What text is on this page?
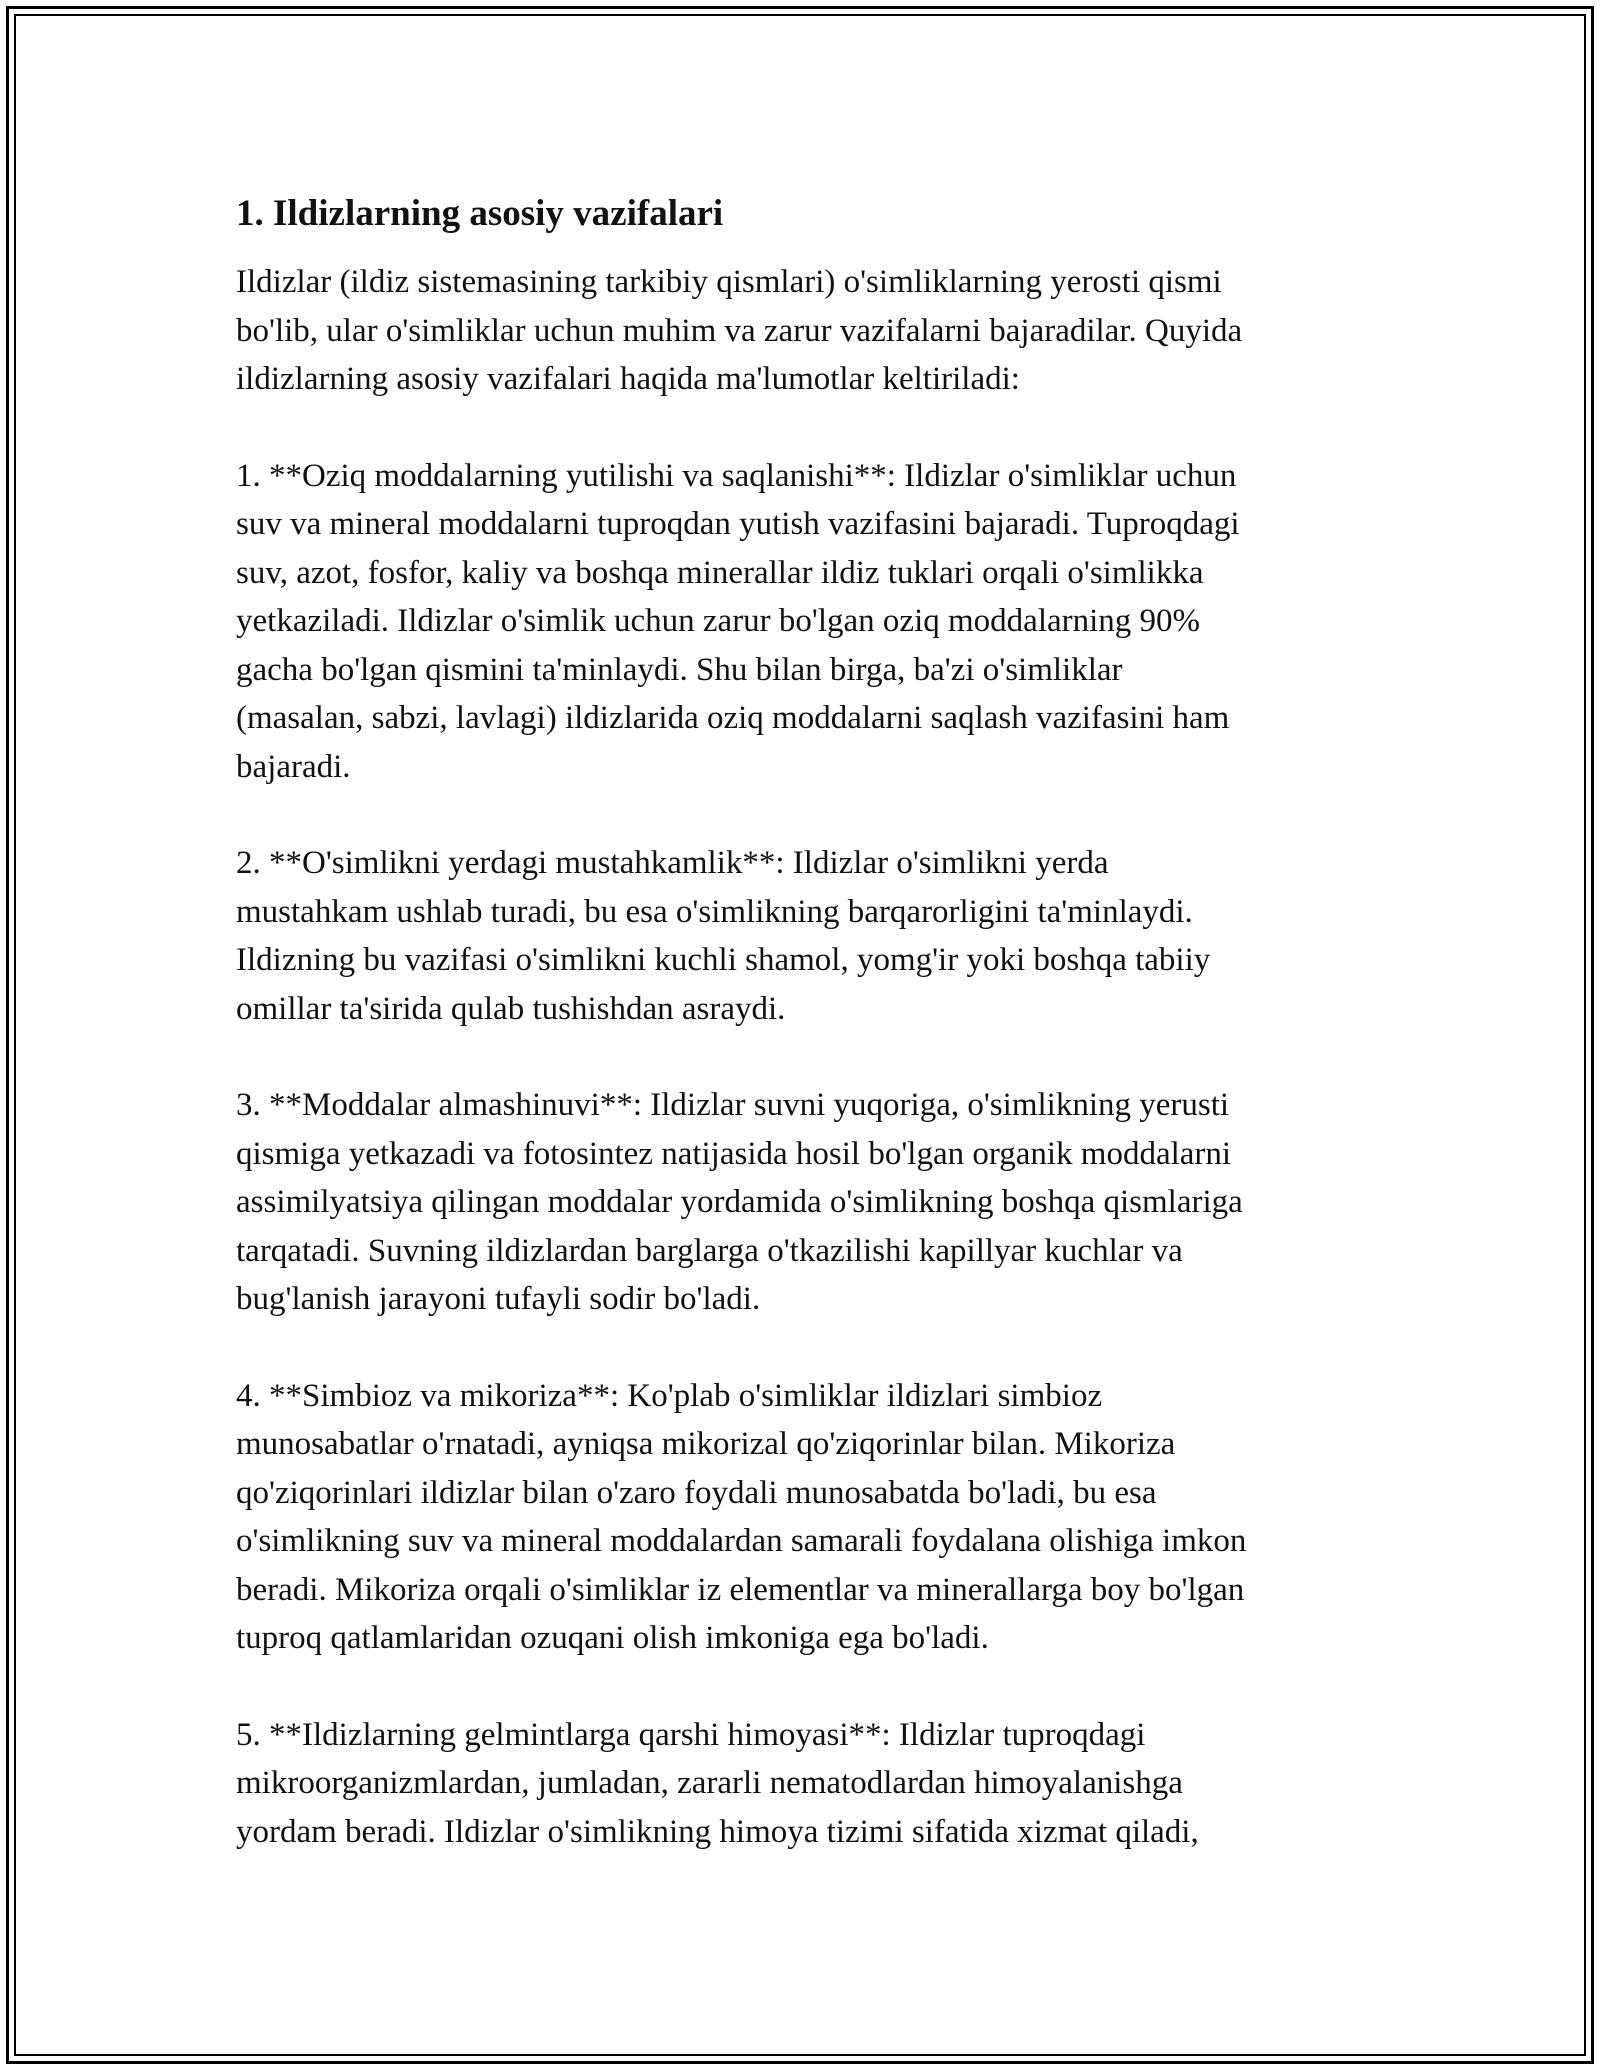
1. Ildizlarning asosiy vazifalari

Ildizlar (ildiz sistemasining tarkibiy qismlari) o'simliklarning yerosti qismi
bo'lib, ular o'simliklar uchun muhim va zarur vazifalarni bajaradilar. Quyida
ildizlarning asosiy vazifalari haqida ma'lumotlar keltiriladi:

1. **Oziq moddalarning yutilishi va saqlanishi**: Ildizlar o'simliklar uchun
suv va mineral moddalarni tuproqdan yutish vazifasini bajaradi. Tuproqdagi
suv, azot, fosfor, kaliy va boshqa minerallar ildiz tuklari orqali o'simlikka
yetkaziladi. Ildizlar o'simlik uchun zarur bo'lgan oziq moddalarning 90%
gacha bo'lgan qismini ta'minlaydi. Shu bilan birga, ba'zi o'simliklar
(masalan, sabzi, lavlagi) ildizlarida oziq moddalarni saqlash vazifasini ham
bajaradi.

2. **O'simlikni yerdagi mustahkamlik**: Ildizlar o'simlikni yerda
mustahkam ushlab turadi, bu esa o'simlikning barqarorligini ta'minlaydi.
Ildizning bu vazifasi o'simlikni kuchli shamol, yomg'ir yoki boshqa tabiiy
omillar ta'sirida qulab tushishdan asraydi.

3. **Moddalar almashinuvi**: Ildizlar suvni yuqoriga, o'simlikning yerusti
qismiga yetkazadi va fotosintez natijasida hosil bo'lgan organik moddalarni
assimilyatsiya qilingan moddalar yordamida o'simlikning boshqa qismlariga
tarqatadi. Suvning ildizlardan barglarga o'tkazilishi kapillyar kuchlar va
bug'lanish jarayoni tufayli sodir bo'ladi.

4. **Simbioz va mikoriza**: Ko'plab o'simliklar ildizlari simbioz
munosabatlar o'rnatadi, ayniqsa mikorizal qo'ziqorinlar bilan. Mikoriza
qo'ziqorinlari ildizlar bilan o'zaro foydali munosabatda bo'ladi, bu esa
o'simlikning suv va mineral moddalardan samarali foydalana olishiga imkon
beradi. Mikoriza orqali o'simliklar iz elementlar va minerallarga boy bo'lgan
tuproq qatlamlaridan ozuqani olish imkoniga ega bo'ladi.

5. **Ildizlarning gelmintlarga qarshi himoyasi**: Ildizlar tuproqdagi
mikroorganizmlardan, jumladan, zararli nematodlardan himoyalanishga
yordam beradi. Ildizlar o'simlikning himoya tizimi sifatida xizmat qiladi,
